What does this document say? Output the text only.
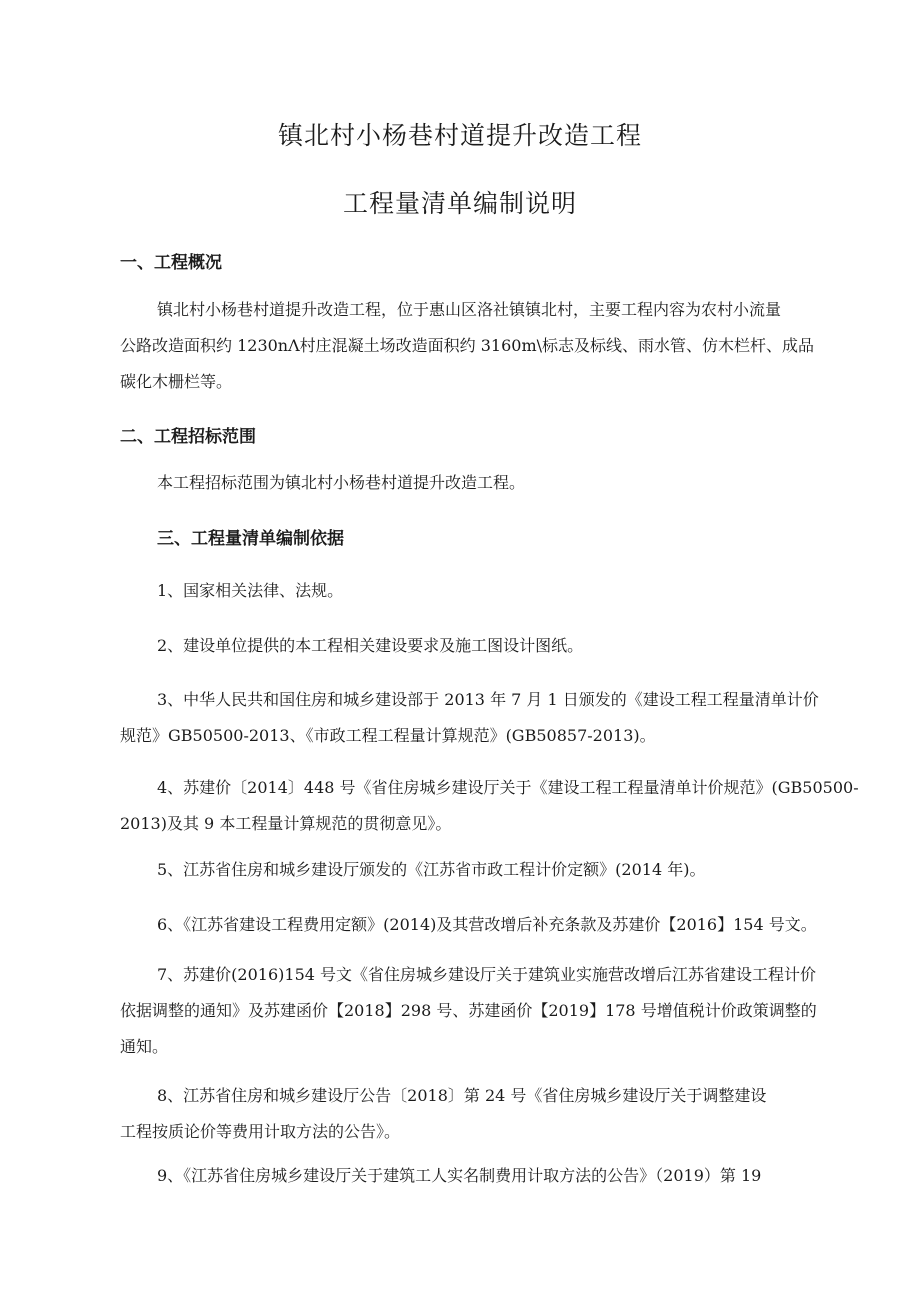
镇北村小杨巷村道提升改造工程
工程量清单编制说明
一、工程概况
镇北村小杨巷村道提升改造工程，位于惠山区洛社镇镇北村，主要工程内容为农村小流量
公路改造面积约 1230nΛ村庄混凝土场改造面积约 3160m\标志及标线、雨水管、仿木栏杆、成品
碳化木栅栏等。
二、工程招标范围
本工程招标范围为镇北村小杨巷村道提升改造工程。
三、工程量清单编制依据
1、国家相关法律、法规。
2、建设单位提供的本工程相关建设要求及施工图设计图纸。
3、中华人民共和国住房和城乡建设部于 2013 年 7 月 1 日颁发的《建设工程工程量清单计价
规范》GB50500-2013、《市政工程工程量计算规范》(GB50857-2013)。
4、苏建价〔2014〕448 号《省住房城乡建设厅关于《建设工程工程量清单计价规范》(GB50500-
2013)及其 9 本工程量计算规范的贯彻意见》。
5、江苏省住房和城乡建设厅颁发的《江苏省市政工程计价定额》(2014 年)。
6、《江苏省建设工程费用定额》(2014)及其营改增后补充条款及苏建价【2016】154 号文。
7、苏建价(2016)154 号文《省住房城乡建设厅关于建筑业实施营改增后江苏省建设工程计价
依据调整的通知》及苏建函价【2018】298 号、苏建函价【2019】178 号增值税计价政策调整的
通知。
8、江苏省住房和城乡建设厅公告〔2018〕第 24 号《省住房城乡建设厅关于调整建设
工程按质论价等费用计取方法的公告》。
9、《江苏省住房城乡建设厅关于建筑工人实名制费用计取方法的公告》（2019）第 19
